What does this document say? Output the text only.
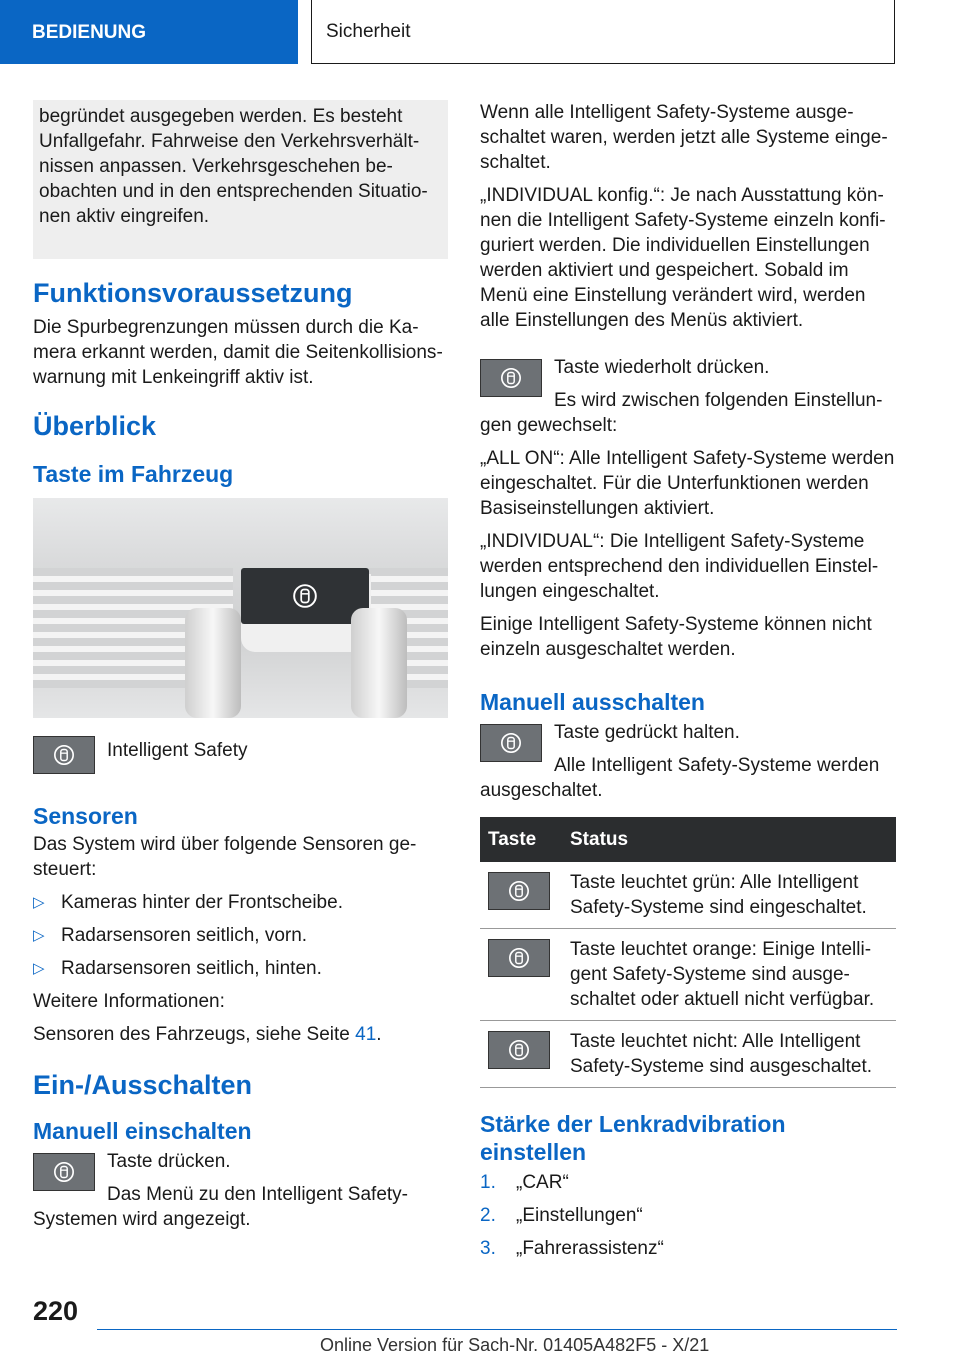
BEDIENUNG	Sicherheit

begründet ausgegeben werden. Es besteht Unfallgefahr. Fahrweise den Verkehrsverhältnissen anpassen. Verkehrsgeschehen beobachten und in den entsprechenden Situationen aktiv eingreifen.

Funktionsvoraussetzung

Die Spurbegrenzungen müssen durch die Kamera erkannt werden, damit die Seitenkollisionswarnung mit Lenkeingriff aktiv ist.

Überblick
Taste im Fahrzeug

Intelligent Safety

Sensoren

Das System wird über folgende Sensoren gesteuert:

▷ Kameras hinter der Frontscheibe.
▷ Radarsensoren seitlich, vorn.
▷ Radarsensoren seitlich, hinten.

Weitere Informationen:

Sensoren des Fahrzeugs, siehe Seite 41.

Ein-/Ausschalten
Manuell einschalten

Taste drücken.

Das Menü zu den Intelligent Safety-Systemen wird angezeigt.

Wenn alle Intelligent Safety-Systeme ausgeschaltet waren, werden jetzt alle Systeme eingeschaltet.

„INDIVIDUAL konfig.“: Je nach Ausstattung können die Intelligent Safety-Systeme einzeln konfiguriert werden. Die individuellen Einstellungen werden aktiviert und gespeichert. Sobald im Menü eine Einstellung verändert wird, werden alle Einstellungen des Menüs aktiviert.

Taste wiederholt drücken.

Es wird zwischen folgenden Einstellungen gewechselt:

„ALL ON“: Alle Intelligent Safety-Systeme werden eingeschaltet. Für die Unterfunktionen werden Basiseinstellungen aktiviert.

„INDIVIDUAL“: Die Intelligent Safety-Systeme werden entsprechend den individuellen Einstellungen eingeschaltet.

Einige Intelligent Safety-Systeme können nicht einzeln ausgeschaltet werden.

Manuell ausschalten

Taste gedrückt halten.

Alle Intelligent Safety-Systeme werden ausgeschaltet.

Taste	Status

	Taste leuchtet grün: Alle Intelligent Safety-Systeme sind eingeschaltet.

	Taste leuchtet orange: Einige Intelligent Safety-Systeme sind ausgeschaltet oder aktuell nicht verfügbar.

	Taste leuchtet nicht: Alle Intelligent Safety-Systeme sind ausgeschaltet.
Stärke der Lenkradvibration einstellen
1. „CAR“
2. „Einstellungen“
3. „Fahrerassistenz“
220
Online Version für Sach-Nr. 01405A482F5 - X/21
